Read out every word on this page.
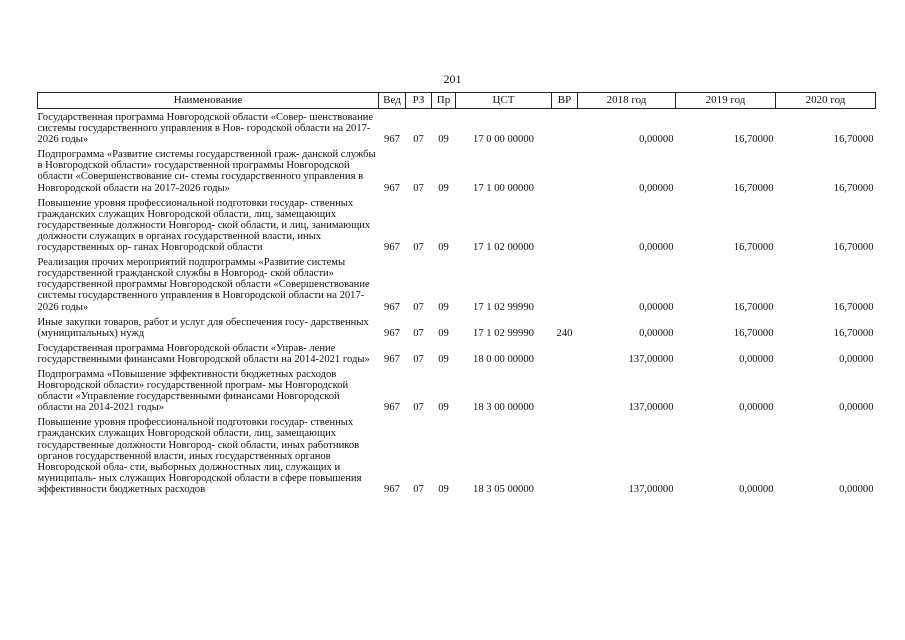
201
Наименование	Вед	РЗ	Пр	ЦСТ	ВР	2018 год	2019 год	2020 год
Государственная программа Новгородской области «Совер- шенствование системы государственного управления в Нов- городской области на 2017-2026 годы»	967	07	09	17 0 00 00000		0,00000	16,70000	16,70000
Подпрограмма «Развитие системы государственной граж- данской службы в Новгородской области» государственной программы Новгородской области «Совершенствование си- стемы государственного управления в Новгородской области на 2017-2026 годы»	967	07	09	17 1 00 00000		0,00000	16,70000	16,70000
Повышение уровня профессиональной подготовки государ- ственных гражданских служащих Новгородской области, лиц, замещающих государственные должности Новгород- ской области, и лиц, занимающих должности служащих в органах государственной власти, иных государственных ор- ганах Новгородской области	967	07	09	17 1 02 00000		0,00000	16,70000	16,70000
Реализация прочих мероприятий подпрограммы «Развитие системы государственной гражданской службы в Новгород- ской области» государственной программы Новгородской области «Совершенствование системы государственного управления в Новгородской области на 2017-2026 годы»	967	07	09	17 1 02 99990		0,00000	16,70000	16,70000
Иные закупки товаров, работ и услуг для обеспечения госу- дарственных (муниципальных) нужд	967	07	09	17 1 02 99990	240	0,00000	16,70000	16,70000
Государственная программа Новгородской области «Управ- ление государственными финансами Новгородской области на 2014-2021 годы»	967	07	09	18 0 00 00000		137,00000	0,00000	0,00000
Подпрограмма «Повышение эффективности бюджетных расходов Новгородской области» государственной програм- мы Новгородской области «Управление государственными финансами Новгородской области на 2014-2021 годы»	967	07	09	18 3 00 00000		137,00000	0,00000	0,00000
Повышение уровня профессиональной подготовки государ- ственных гражданских служащих Новгородской области, лиц, замещающих государственные должности Новгород- ской области, иных работников органов государственной власти, иных государственных органов Новгородской обла- сти, выборных должностных лиц, служащих и муниципаль- ных служащих Новгородской области в сфере повышения эффективности бюджетных расходов	967	07	09	18 3 05 00000		137,00000	0,00000	0,00000
